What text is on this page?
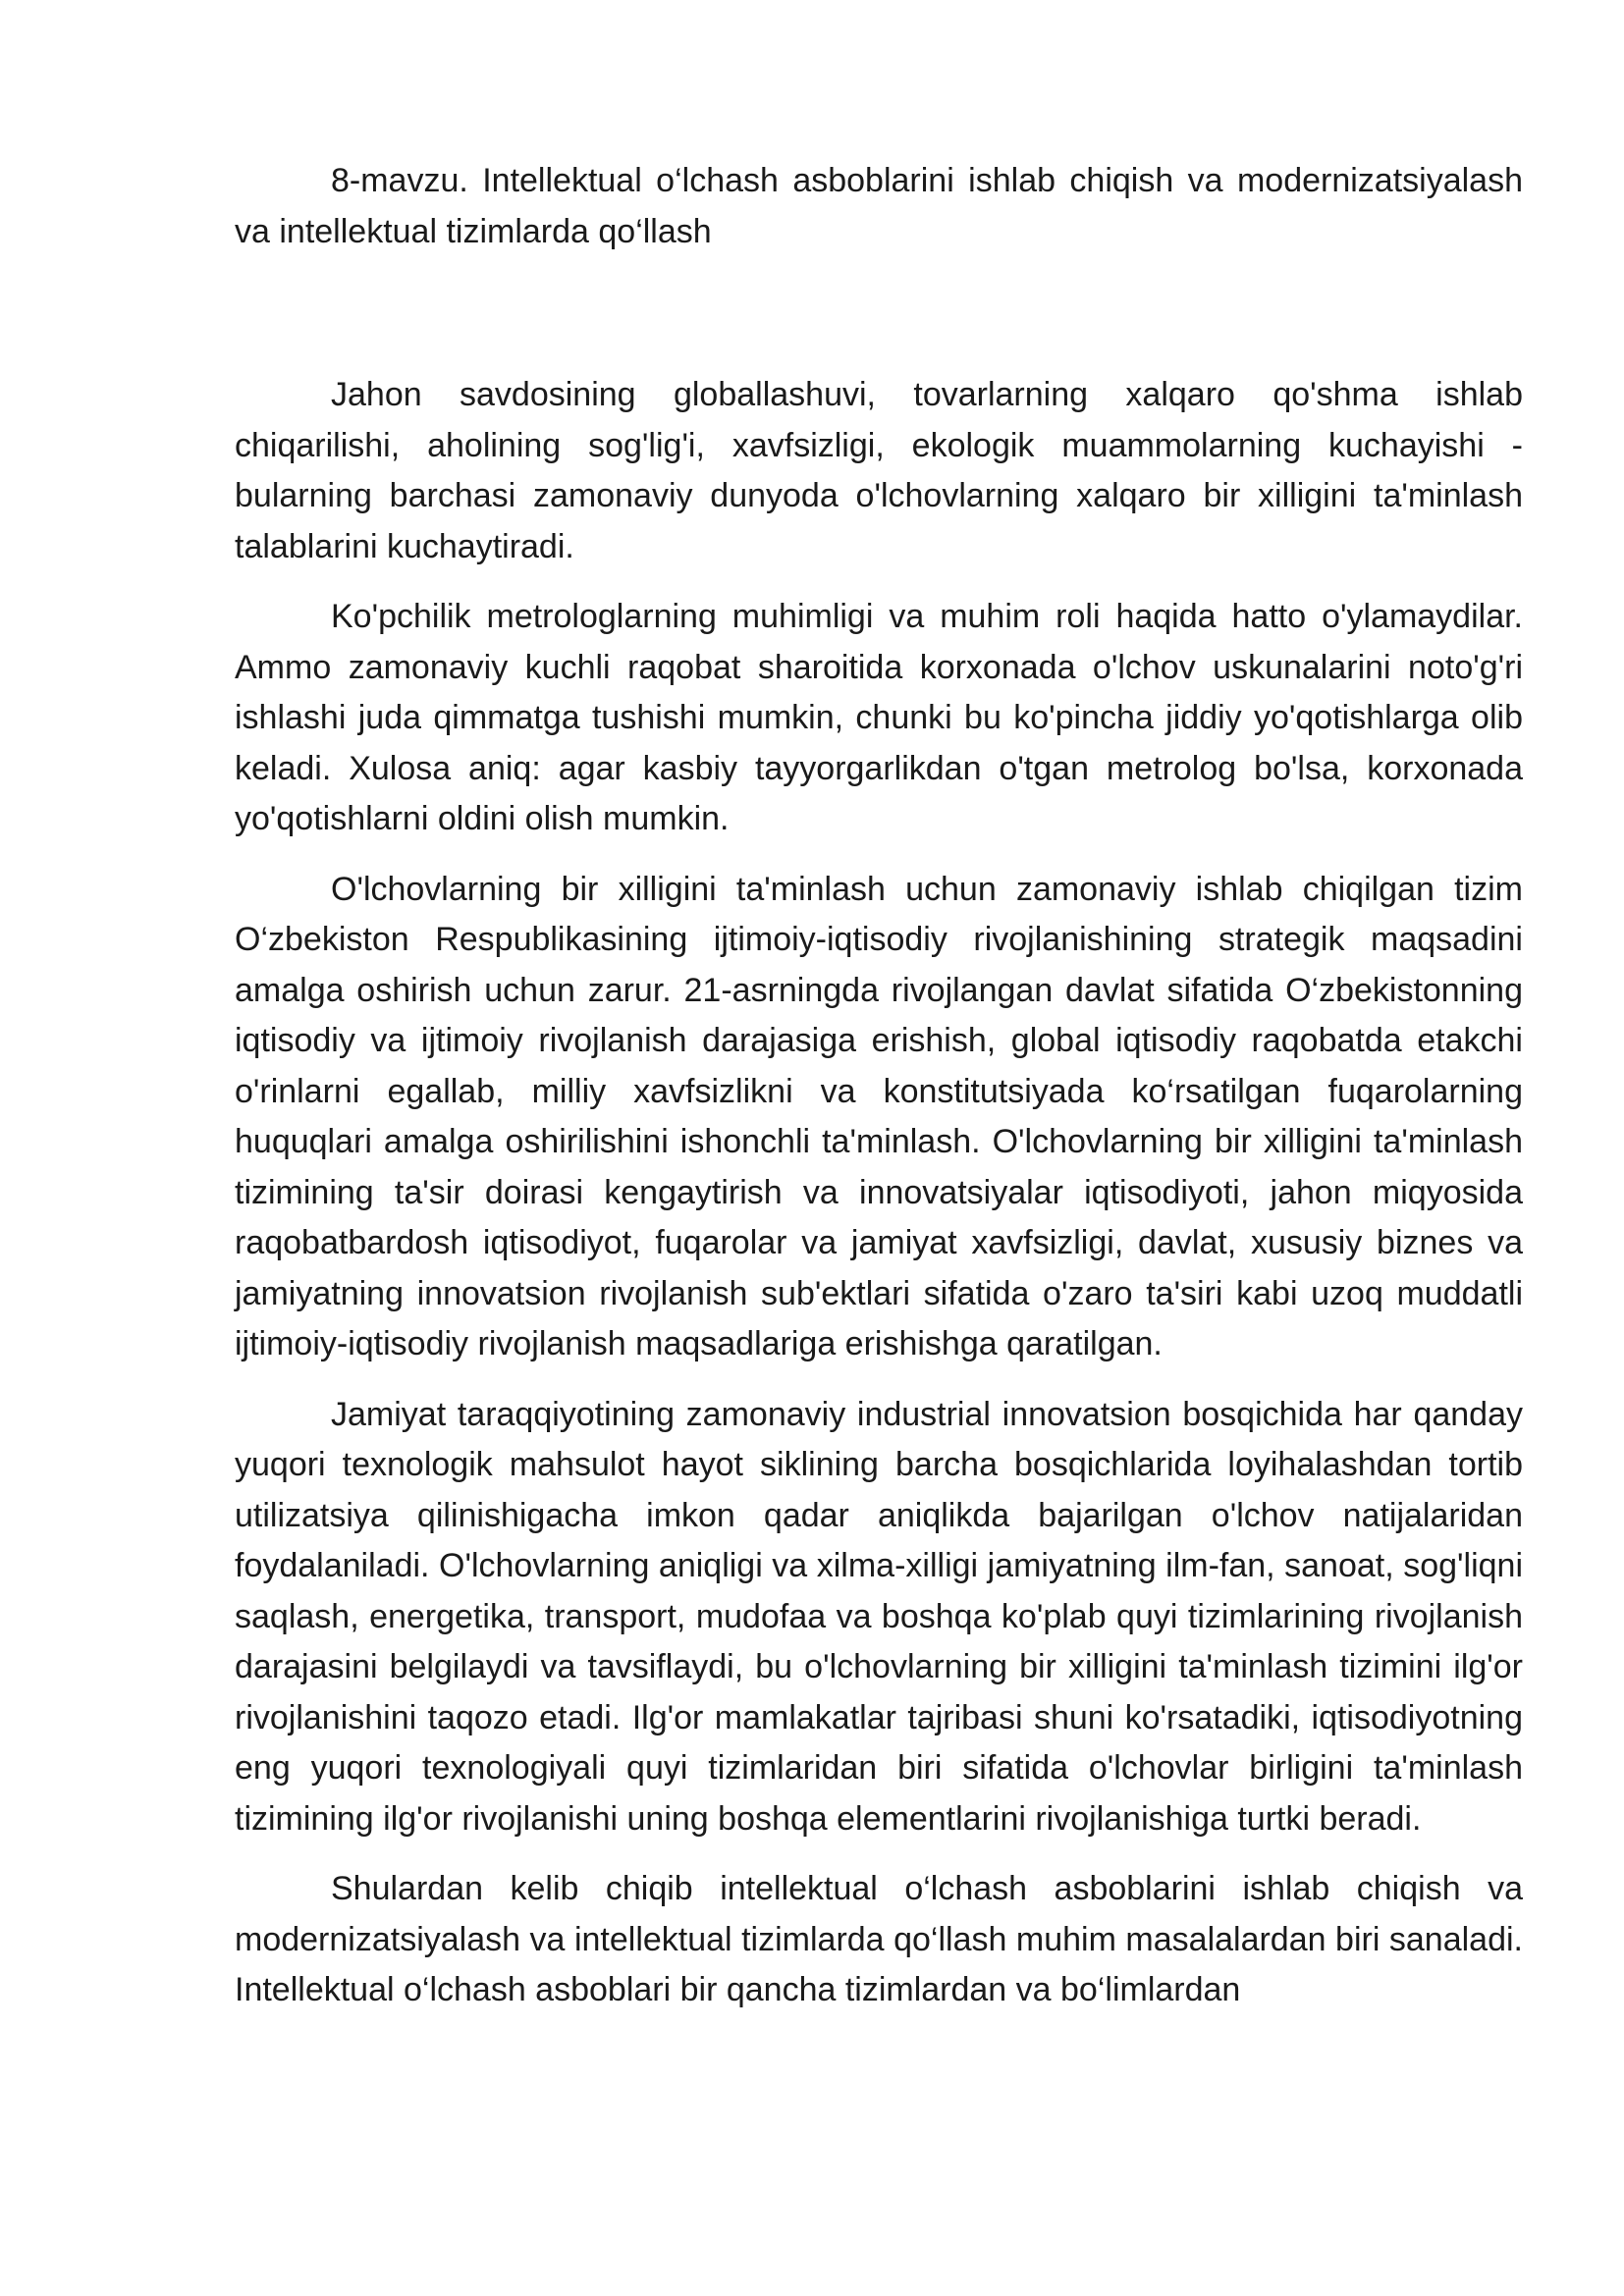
8-mavzu. Intellektual o‘lchash asboblarini ishlab chiqish va modernizatsiyalash va intellektual tizimlarda qo‘llash

Jahon savdosining globallashuvi, tovarlarning xalqaro qo'shma ishlab chiqarilishi, aholining sog'lig'i, xavfsizligi, ekologik muammolarning kuchayishi - bularning barchasi zamonaviy dunyoda o'lchovlarning xalqaro bir xilligini ta'minlash talablarini kuchaytiradi.

Ko'pchilik metrologlarning muhimligi va muhim roli haqida hatto o'ylamaydilar. Ammo zamonaviy kuchli raqobat sharoitida korxonada o'lchov uskunalarini noto'g'ri ishlashi juda qimmatga tushishi mumkin, chunki bu ko'pincha jiddiy yo'qotishlarga olib keladi. Xulosa aniq: agar kasbiy tayyorgarlikdan o'tgan metrolog bo'lsa, korxonada yo'qotishlarni oldini olish mumkin.

O'lchovlarning bir xilligini ta'minlash uchun zamonaviy ishlab chiqilgan tizim O‘zbekiston Respublikasining ijtimoiy-iqtisodiy rivojlanishining strategik maqsadini amalga oshirish uchun zarur. 21-asrningda rivojlangan davlat sifatida O‘zbekistonning iqtisodiy va ijtimoiy rivojlanish darajasiga erishish, global iqtisodiy raqobatda etakchi o'rinlarni egallab, milliy xavfsizlikni va konstitutsiyada ko‘rsatilgan fuqarolarning huquqlari amalga oshirilishini ishonchli ta'minlash. O'lchovlarning bir xilligini ta'minlash tizimining ta'sir doirasi kengaytirish va innovatsiyalar iqtisodiyoti, jahon miqyosida raqobatbardosh iqtisodiyot, fuqarolar va jamiyat xavfsizligi, davlat, xususiy biznes va jamiyatning innovatsion rivojlanish sub'ektlari sifatida o'zaro ta'siri kabi uzoq muddatli ijtimoiy-iqtisodiy rivojlanish maqsadlariga erishishga qaratilgan.

Jamiyat taraqqiyotining zamonaviy industrial innovatsion bosqichida har qanday yuqori texnologik mahsulot hayot siklining barcha bosqichlarida loyihalashdan tortib utilizatsiya qilinishigacha imkon qadar aniqlikda bajarilgan o'lchov natijalaridan foydalaniladi. O'lchovlarning aniqligi va xilma-xilligi jamiyatning ilm-fan, sanoat, sog'liqni saqlash, energetika, transport, mudofaa va boshqa ko'plab quyi tizimlarining rivojlanish darajasini belgilaydi va tavsiflaydi, bu o'lchovlarning bir xilligini ta'minlash tizimini ilg'or rivojlanishini taqozo etadi. Ilg'or mamlakatlar tajribasi shuni ko'rsatadiki, iqtisodiyotning eng yuqori texnologiyali quyi tizimlaridan biri sifatida o'lchovlar birligini ta'minlash tizimining ilg'or rivojlanishi uning boshqa elementlarini rivojlanishiga turtki beradi.

Shulardan kelib chiqib intellektual o‘lchash asboblarini ishlab chiqish va modernizatsiyalash va intellektual tizimlarda qo‘llash muhim masalalardan biri sanaladi. Intellektual o‘lchash asboblari bir qancha tizimlardan va bo‘limlardan
